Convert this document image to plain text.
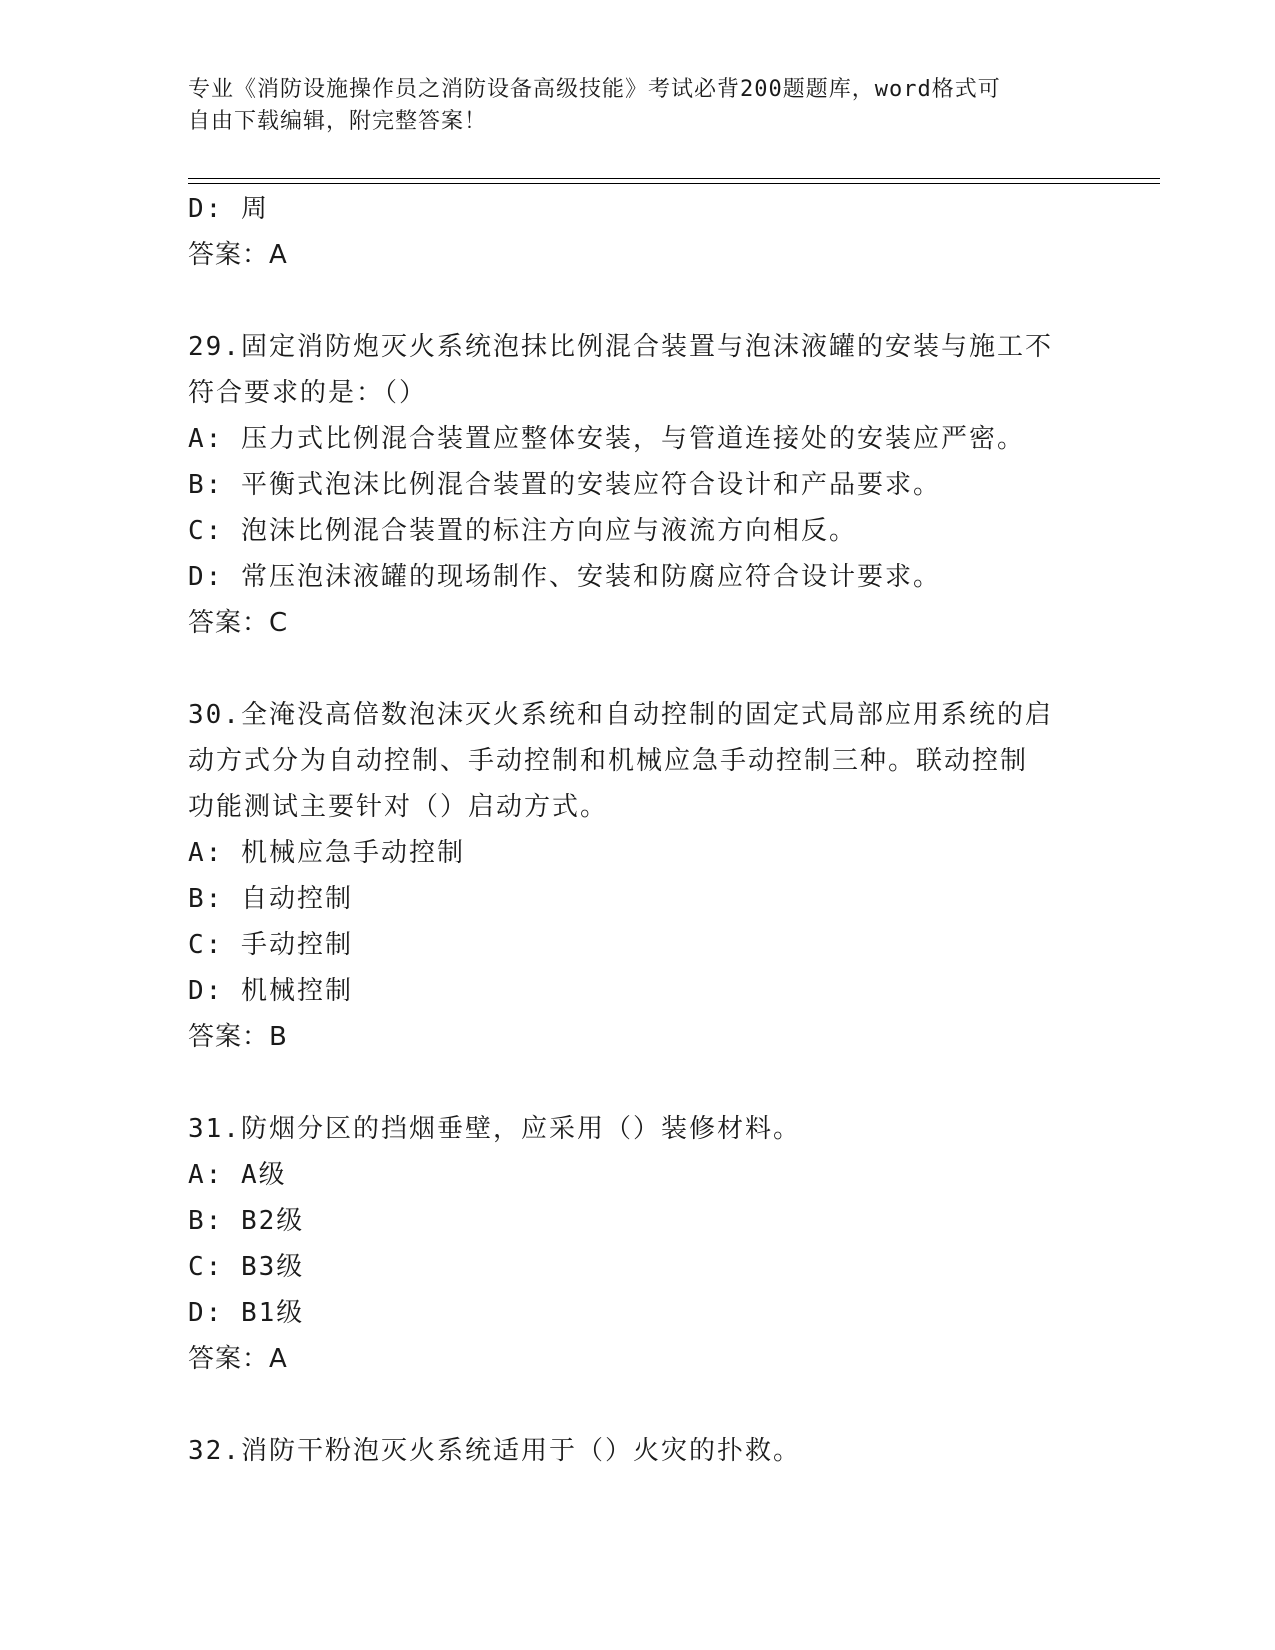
专业《消防设施操作员之消防设备高级技能》考试必背200题题库，word格式可
自由下载编辑，附完整答案！
D: 周
答案：A
29.固定消防炮灭火系统泡抹比例混合装置与泡沫液罐的安装与施工不
符合要求的是：（）
A: 压力式比例混合装置应整体安装，与管道连接处的安装应严密。
B: 平衡式泡沫比例混合装置的安装应符合设计和产品要求。
C: 泡沫比例混合装置的标注方向应与液流方向相反。
D: 常压泡沫液罐的现场制作、安装和防腐应符合设计要求。
答案：C
30.全淹没高倍数泡沫灭火系统和自动控制的固定式局部应用系统的启
动方式分为自动控制、手动控制和机械应急手动控制三种。联动控制
功能测试主要针对（）启动方式。
A: 机械应急手动控制
B: 自动控制
C: 手动控制
D: 机械控制
答案：B
31.防烟分区的挡烟垂壁，应采用（）装修材料。
A: A级
B: B2级
C: B3级
D: B1级
答案：A
32.消防干粉泡灭火系统适用于（）火灾的扑救。
